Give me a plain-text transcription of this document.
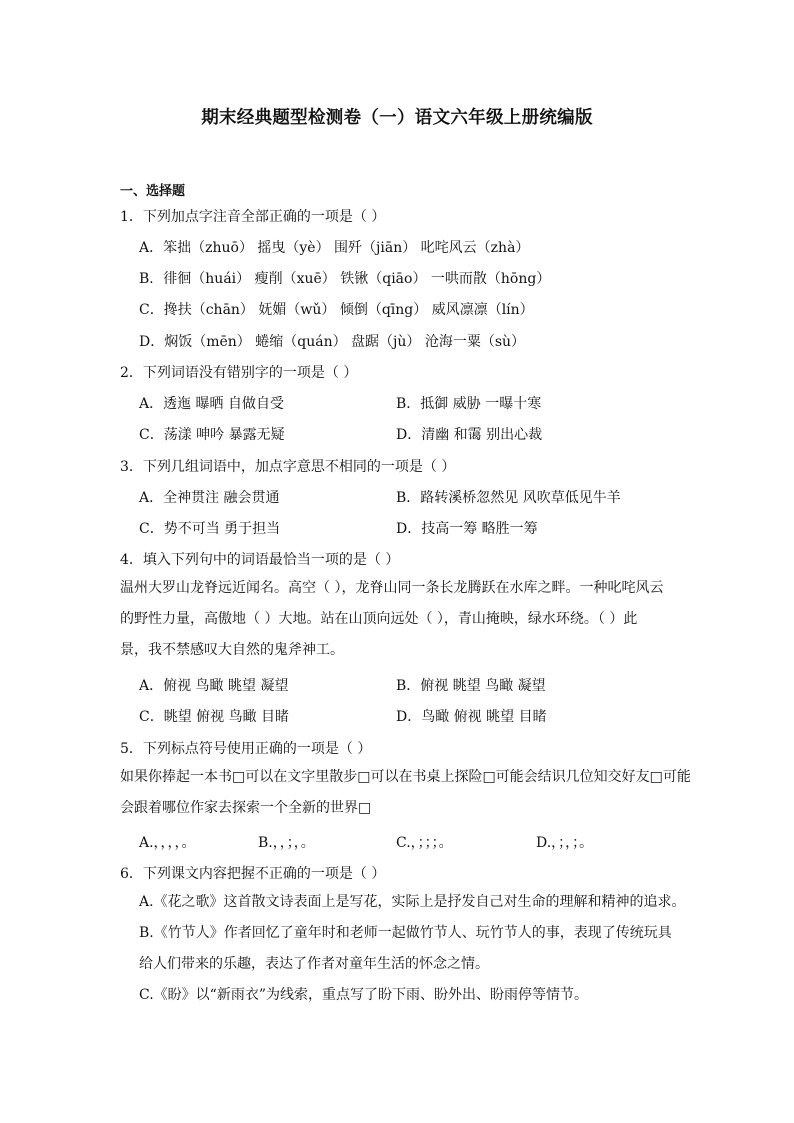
期末经典题型检测卷（一）语文六年级上册统编版
一、选择题
1．下列加点字注音全部正确的一项是（ ）
A．笨拙（zhuō） 摇曳（yè） 围歼（jiān） 叱咤风云（zhà）
B．徘徊（huái） 瘦削（xuē） 铁锹（qiāo） 一哄而散（hōng）
C．搀扶（chān） 妩媚（wǔ） 倾倒（qīng） 威风凛凛（lín）
D．焖饭（mēn） 蜷缩（quán） 盘踞（jù） 沧海一粟（sù）
2．下列词语没有错别字的一项是（ ）
A．透迤 曝晒 自做自受	B．抵御 威胁 一曝十寒
C．荡漾 呻吟 暴露无疑	D．清幽 和霭 别出心裁
3．下列几组词语中，加点字意思不相同的一项是（ ）
A．全神贯注 融会贯通	B．路转溪桥忽然见 风吹草低见牛羊
C．势不可当 勇于担当	D．技高一筹 略胜一筹
4．填入下列句中的词语最恰当一项的是（ ）
温州大罗山龙脊远近闻名。高空（ ），龙脊山同一条长龙腾跃在水库之畔。一种叱咤风云
的野性力量，高傲地（ ）大地。站在山顶向远处（ ），青山掩映，绿水环绕。（ ）此
景，我不禁感叹大自然的鬼斧神工。
A．俯视 鸟瞰 眺望 凝望	B．俯视 眺望 鸟瞰 凝望
C．眺望 俯视 鸟瞰 目睹	D．鸟瞰 俯视 眺望 目睹
5．下列标点符号使用正确的一项是（ ）
如果你捧起一本书□可以在文字里散步□可以在书桌上探险□可能会结识几位知交好友□可能
会跟着哪位作家去探索一个全新的世界□
A.，，，，。	B.，，；，。	C.，；；；。	D.，；，；。
6．下列课文内容把握不正确的一项是（ ）
A.《花之歌》这首散文诗表面上是写花，实际上是抒发自己对生命的理解和精神的追求。
B.《竹节人》作者回忆了童年时和老师一起做竹节人、玩竹节人的事，表现了传统玩具
给人们带来的乐趣，表达了作者对童年生活的怀念之情。
C.《盼》以“新雨衣”为线索，重点写了盼下雨、盼外出、盼雨停等情节。
